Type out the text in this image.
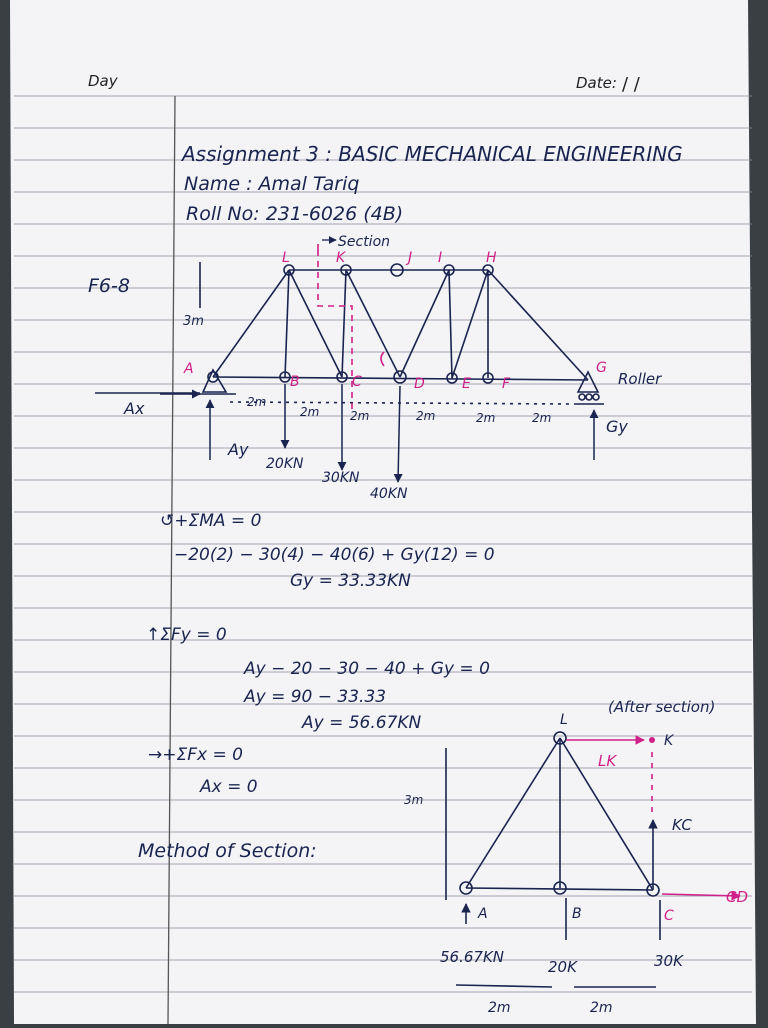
Day	Date: / /
Assignment 3 : BASIC MECHANICAL ENGINEERING
Name : Amal Tariq
Roll No: 231-6026 (4B)
F6-8
Section
L	K	J I	H
A
B	C	D	E F
G
Roller
3m
2m
2m	2m	2m	2m	2m
Ax
Ay
Gy
20KN
30KN
40KN
↺+ΣMA = 0
−20(2) − 30(4) − 40(6) + Gy(12) = 0
Gy = 33.33KN
↑ΣFy = 0
Ay − 20 − 30 − 40 + Gy = 0
Ay = 90 − 33.33
Ay = 56.67KN
→+ΣFx = 0
Ax = 0
Method of Section:
(After section)
L
K
LK
KC
CD
3m
A	B	C
56.67KN
20K	30K
2m	2m
